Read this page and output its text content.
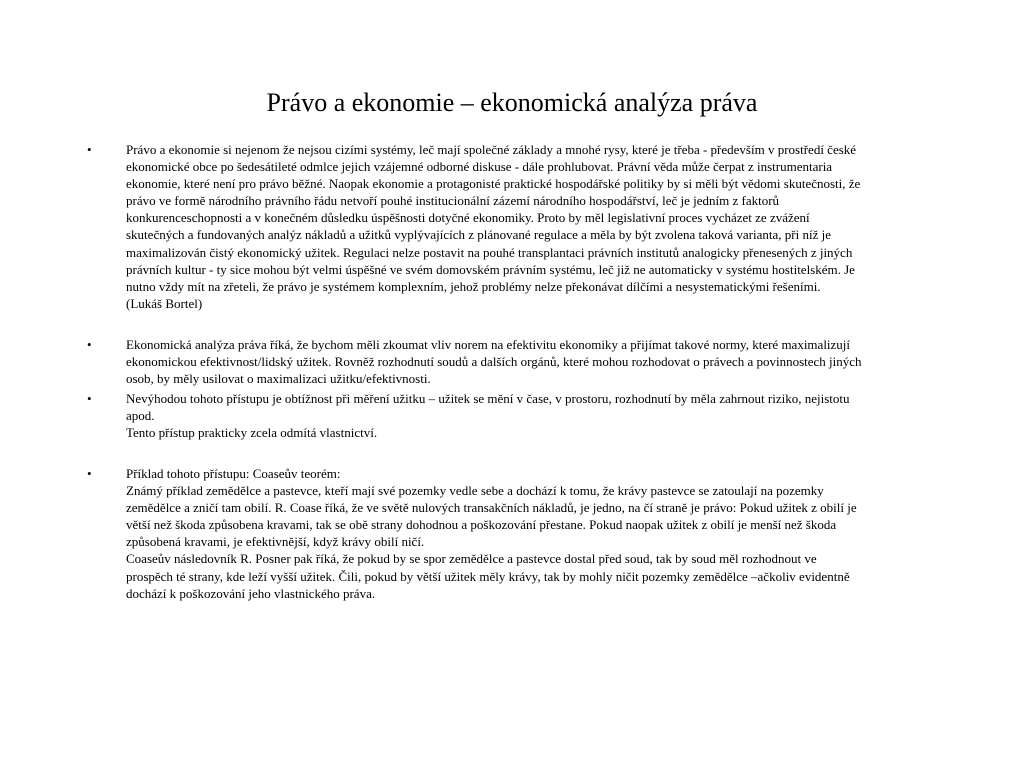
Právo a ekonomie – ekonomická analýza práva
•	Právo a ekonomie si nejenom že nejsou cizími systémy, leč mají společné základy a mnohé rysy, které je třeba - především v prostředí české
ekonomické obce po šedesátileté odmlce jejich vzájemné odborné diskuse - dále prohlubovat. Právní věda může čerpat z instrumentaria
ekonomie, které není pro právo běžné. Naopak ekonomie a protagonisté praktické hospodářské politiky by si měli být vědomi skutečnosti, že
právo ve formě národního právního řádu netvoří pouhé institucionální zázemí národního hospodářství, leč je jedním z faktorů
konkurenceschopnosti a v konečném důsledku úspěšnosti dotyčné ekonomiky. Proto by měl legislativní proces vycházet ze zvážení
skutečných a fundovaných analýz nákladů a užitků vyplývajících z plánované regulace a měla by být zvolena taková varianta, při níž je
maximalizován čistý ekonomický užitek. Regulaci nelze postavit na pouhé transplantaci právních institutů analogicky přenesených z jiných
právních kultur - ty sice mohou být velmi úspěšné ve svém domovském právním systému, leč již ne automaticky v systému hostitelském. Je
nutno vždy mít na zřeteli, že právo je systémem komplexním, jehož problémy nelze překonávat dílčími a nesystematickými řešeními.
(Lukáš Bortel)
•	Ekonomická analýza práva říká, že bychom měli zkoumat vliv norem na efektivitu ekonomiky a přijímat takové normy, které maximalizují
ekonomickou efektivnost/lidský užitek. Rovněž rozhodnutí soudů a dalších orgánů, které mohou rozhodovat o právech a povinnostech jiných
osob, by měly usilovat o maximalizaci užitku/efektivnosti.
•	Nevýhodou tohoto přístupu je obtížnost při měření užitku – užitek se mění v čase, v prostoru, rozhodnutí by měla zahrnout riziko, nejistotu
apod.
Tento přístup prakticky zcela odmítá vlastnictví.
•	Příklad tohoto přístupu: Coaseův teorém:
Známý příklad zemědělce a pastevce, kteří mají své pozemky vedle sebe a dochází k tomu, že krávy pastevce se zatoulají na pozemky
zemědělce a zničí tam obilí. R. Coase říká, že ve světě nulových transakčních nákladů, je jedno, na čí straně je právo: Pokud užitek z obilí je
větší než škoda způsobena kravami, tak se obě strany dohodnou a poškozování přestane. Pokud naopak užitek z obilí je menší než škoda
způsobená kravami, je efektivnější, když krávy obilí ničí.
Coaseův následovník R. Posner pak říká, že pokud by se spor zemědělce a pastevce dostal před soud, tak by soud měl rozhodnout ve
prospěch té strany, kde leží vyšší užitek. Čili, pokud by větší užitek měly krávy, tak by mohly ničit pozemky zemědělce –ačkoliv evidentně
dochází k poškozování jeho vlastnického práva.
